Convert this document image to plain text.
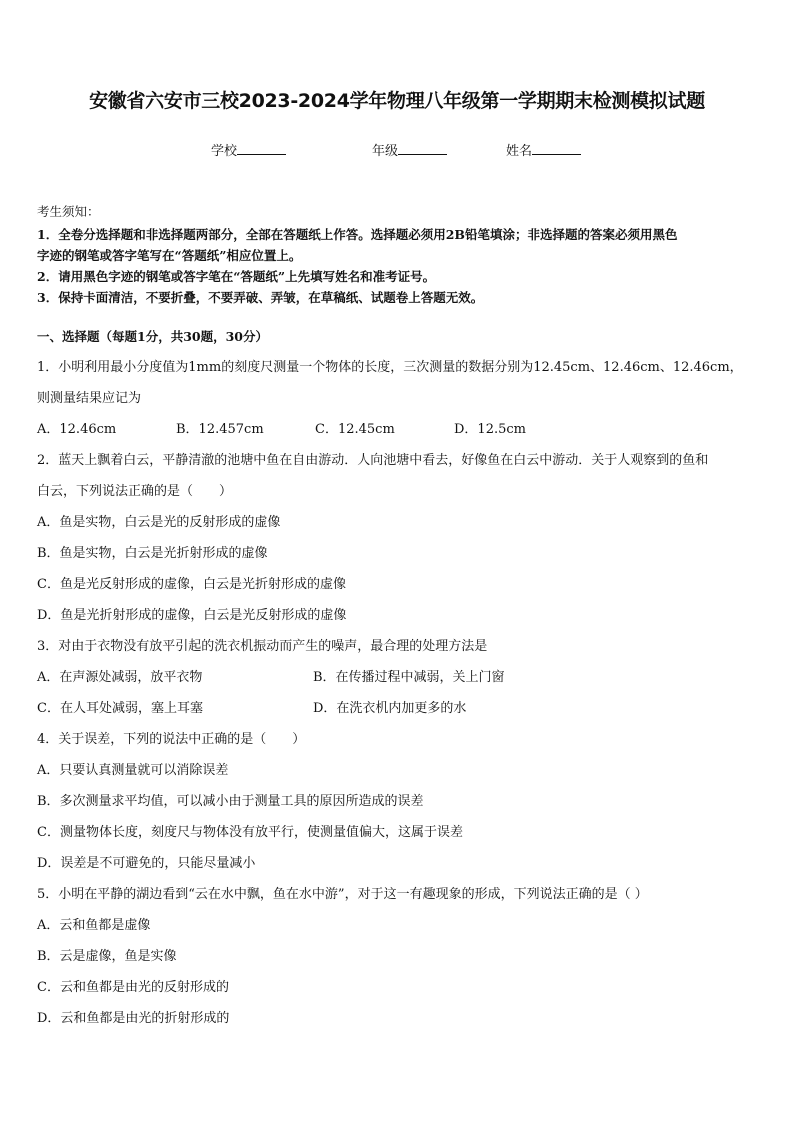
安徽省六安市三校2023-2024学年物理八年级第一学期期末检测模拟试题
学校	年级	姓名
考生须知：
1．全卷分选择题和非选择题两部分，全部在答题纸上作答。选择题必须用2B铅笔填涂；非选择题的答案必须用黑色
字迹的钢笔或答字笔写在“答题纸”相应位置上。
2．请用黑色字迹的钢笔或答字笔在“答题纸”上先填写姓名和准考证号。
3．保持卡面清洁，不要折叠，不要弄破、弄皱，在草稿纸、试题卷上答题无效。
一、选择题（每题1分，共30题，30分）
1．小明利用最小分度值为1mm的刻度尺测量一个物体的长度，三次测量的数据分别为12.45cm、12.46cm、12.46cm，
则测量结果应记为
A．12.46cm	B．12.457cm	C．12.45cm	D．12.5cm
2．蓝天上飘着白云，平静清澈的池塘中鱼在自由游动．人向池塘中看去，好像鱼在白云中游动．关于人观察到的鱼和
白云，下列说法正确的是（　　）
A．鱼是实物，白云是光的反射形成的虚像
B．鱼是实物，白云是光折射形成的虚像
C．鱼是光反射形成的虚像，白云是光折射形成的虚像
D．鱼是光折射形成的虚像，白云是光反射形成的虚像
3．对由于衣物没有放平引起的洗衣机振动而产生的噪声，最合理的处理方法是
A．在声源处减弱，放平衣物	B．在传播过程中减弱，关上门窗
C．在人耳处减弱，塞上耳塞	D．在洗衣机内加更多的水
4．关于误差，下列的说法中正确的是（　　）
A．只要认真测量就可以消除误差
B．多次测量求平均值，可以减小由于测量工具的原因所造成的误差
C．测量物体长度，刻度尺与物体没有放平行，使测量值偏大，这属于误差
D．误差是不可避免的，只能尽量减小
5．小明在平静的湖边看到“云在水中飘，鱼在水中游”，对于这一有趣现象的形成，下列说法正确的是（ ）
A．云和鱼都是虚像
B．云是虚像，鱼是实像
C．云和鱼都是由光的反射形成的
D．云和鱼都是由光的折射形成的
